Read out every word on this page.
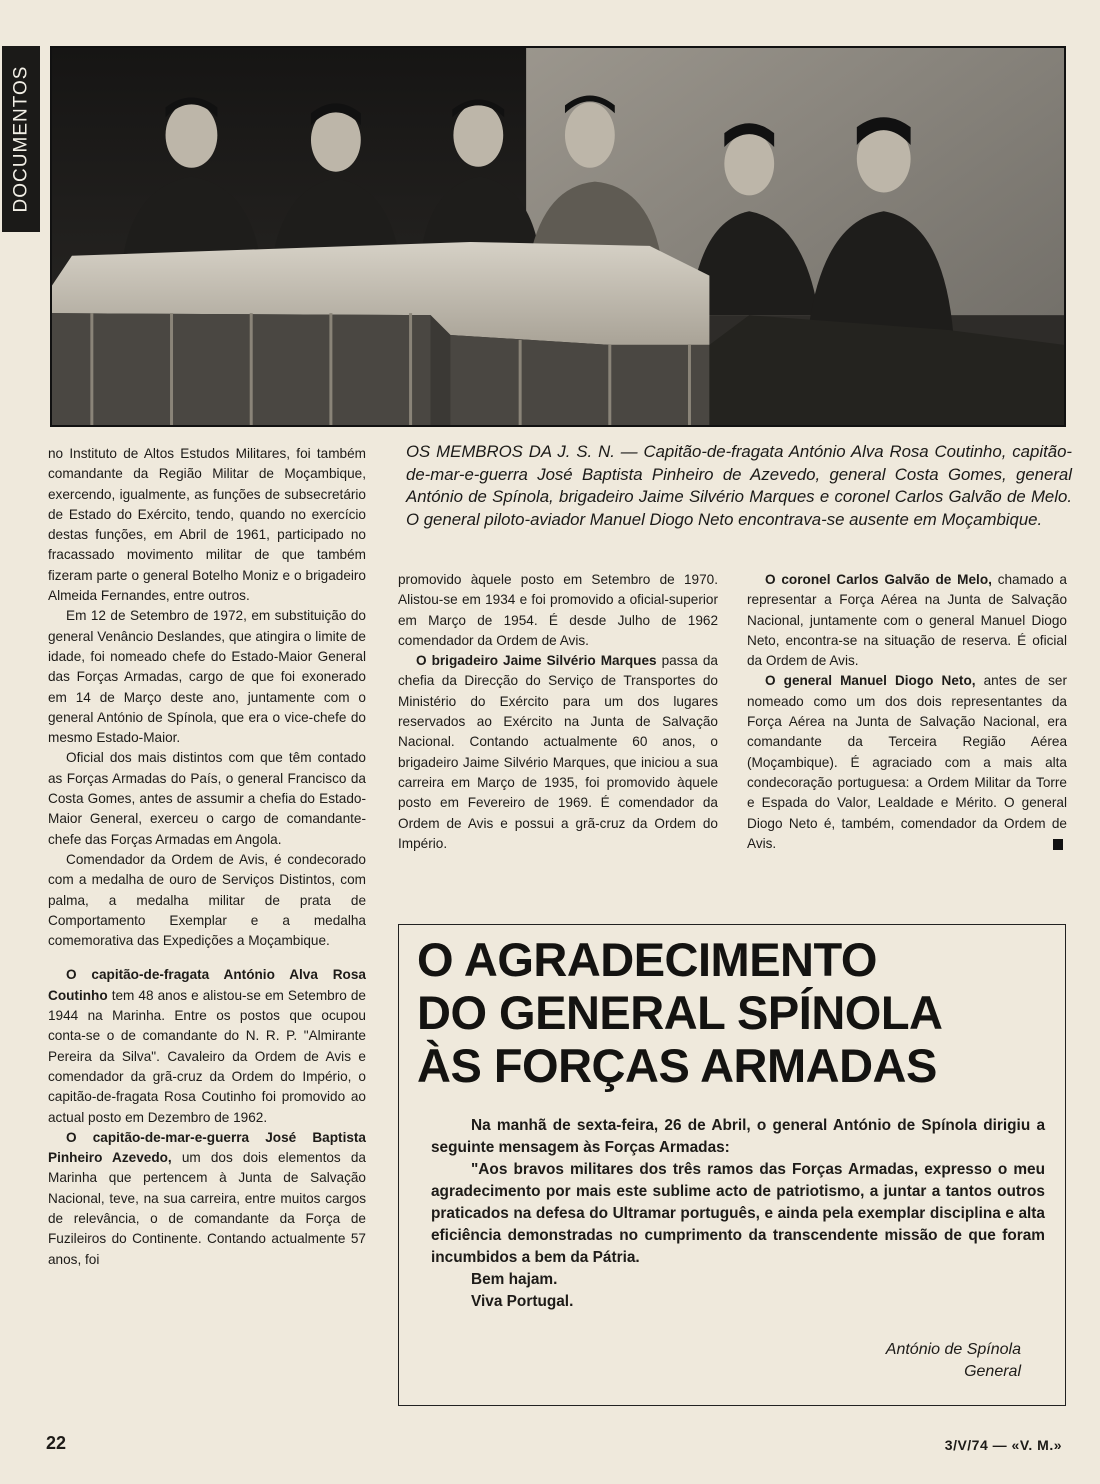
DOCUMENTOS
OS MEMBROS DA J. S. N. — Capitão-de-fragata António Alva Rosa Coutinho, capitão-de-mar-e-guerra José Baptista Pinheiro de Azevedo, general Costa Gomes, general António de Spínola, brigadeiro Jaime Silvério Marques e coronel Carlos Galvão de Melo. O general piloto-aviador Manuel Diogo Neto encontrava-se ausente em Moçambique.

no Instituto de Altos Estudos Militares, foi também comandante da Região Militar de Moçambique, exercendo, igualmente, as funções de subsecretário de Estado do Exército, tendo, quando no exercício destas funções, em Abril de 1961, participado no fracassado movimento militar de que também fizeram parte o general Botelho Moniz e o brigadeiro Almeida Fernandes, entre outros.

Em 12 de Setembro de 1972, em substituição do general Venâncio Deslandes, que atingira o limite de idade, foi nomeado chefe do Estado-Maior General das Forças Armadas, cargo de que foi exonerado em 14 de Março deste ano, juntamente com o general António de Spínola, que era o vice-chefe do mesmo Estado-Maior.

Oficial dos mais distintos com que têm contado as Forças Armadas do País, o general Francisco da Costa Gomes, antes de assumir a chefia do Estado-Maior General, exerceu o cargo de comandante-chefe das Forças Armadas em Angola.

Comendador da Ordem de Avis, é condecorado com a medalha de ouro de Serviços Distintos, com palma, a medalha militar de prata de Comportamento Exemplar e a medalha comemorativa das Expedições a Moçambique.

O capitão-de-fragata António Alva Rosa Coutinho tem 48 anos e alistou-se em Setembro de 1944 na Marinha. Entre os postos que ocupou conta-se o de comandante do N. R. P. "Almirante Pereira da Silva". Cavaleiro da Ordem de Avis e comendador da grã-cruz da Ordem do Império, o capitão-de-fragata Rosa Coutinho foi promovido ao actual posto em Dezembro de 1962.

O capitão-de-mar-e-guerra José Baptista Pinheiro Azevedo, um dos dois elementos da Marinha que pertencem à Junta de Salvação Nacional, teve, na sua carreira, entre muitos cargos de relevância, o de comandante da Força de Fuzileiros do Continente. Contando actualmente 57 anos, foi

promovido àquele posto em Setembro de 1970. Alistou-se em 1934 e foi promovido a oficial-superior em Março de 1954. É desde Julho de 1962 comendador da Ordem de Avis.

O brigadeiro Jaime Silvério Marques passa da chefia da Direcção do Serviço de Transportes do Ministério do Exército para um dos lugares reservados ao Exército na Junta de Salvação Nacional. Contando actualmente 60 anos, o brigadeiro Jaime Silvério Marques, que iniciou a sua carreira em Março de 1935, foi promovido àquele posto em Fevereiro de 1969. É comendador da Ordem de Avis e possui a grã-cruz da Ordem do Império.

O coronel Carlos Galvão de Melo, chamado a representar a Força Aérea na Junta de Salvação Nacional, juntamente com o general Manuel Diogo Neto, encontra-se na situação de reserva. É oficial da Ordem de Avis.

O general Manuel Diogo Neto, antes de ser nomeado como um dos dois representantes da Força Aérea na Junta de Salvação Nacional, era comandante da Terceira Região Aérea (Moçambique). É agraciado com a mais alta condecoração portuguesa: a Ordem Militar da Torre e Espada do Valor, Lealdade e Mérito. O general Diogo Neto é, também, comendador da Ordem de Avis.

O AGRADECIMENTO
DO GENERAL SPÍNOLA
ÀS FORÇAS ARMADAS

Na manhã de sexta-feira, 26 de Abril, o general António de Spínola dirigiu a seguinte mensagem às Forças Armadas:

"Aos bravos militares dos três ramos das Forças Armadas, expresso o meu agradecimento por mais este sublime acto de patriotismo, a juntar a tantos outros praticados na defesa do Ultramar português, e ainda pela exemplar disciplina e alta eficiência demonstradas no cumprimento da transcendente missão de que foram incumbidos a bem da Pátria.

Bem hajam.

Viva Portugal.

António de Spínola
General
22	3/V/74 — «V. M.»
